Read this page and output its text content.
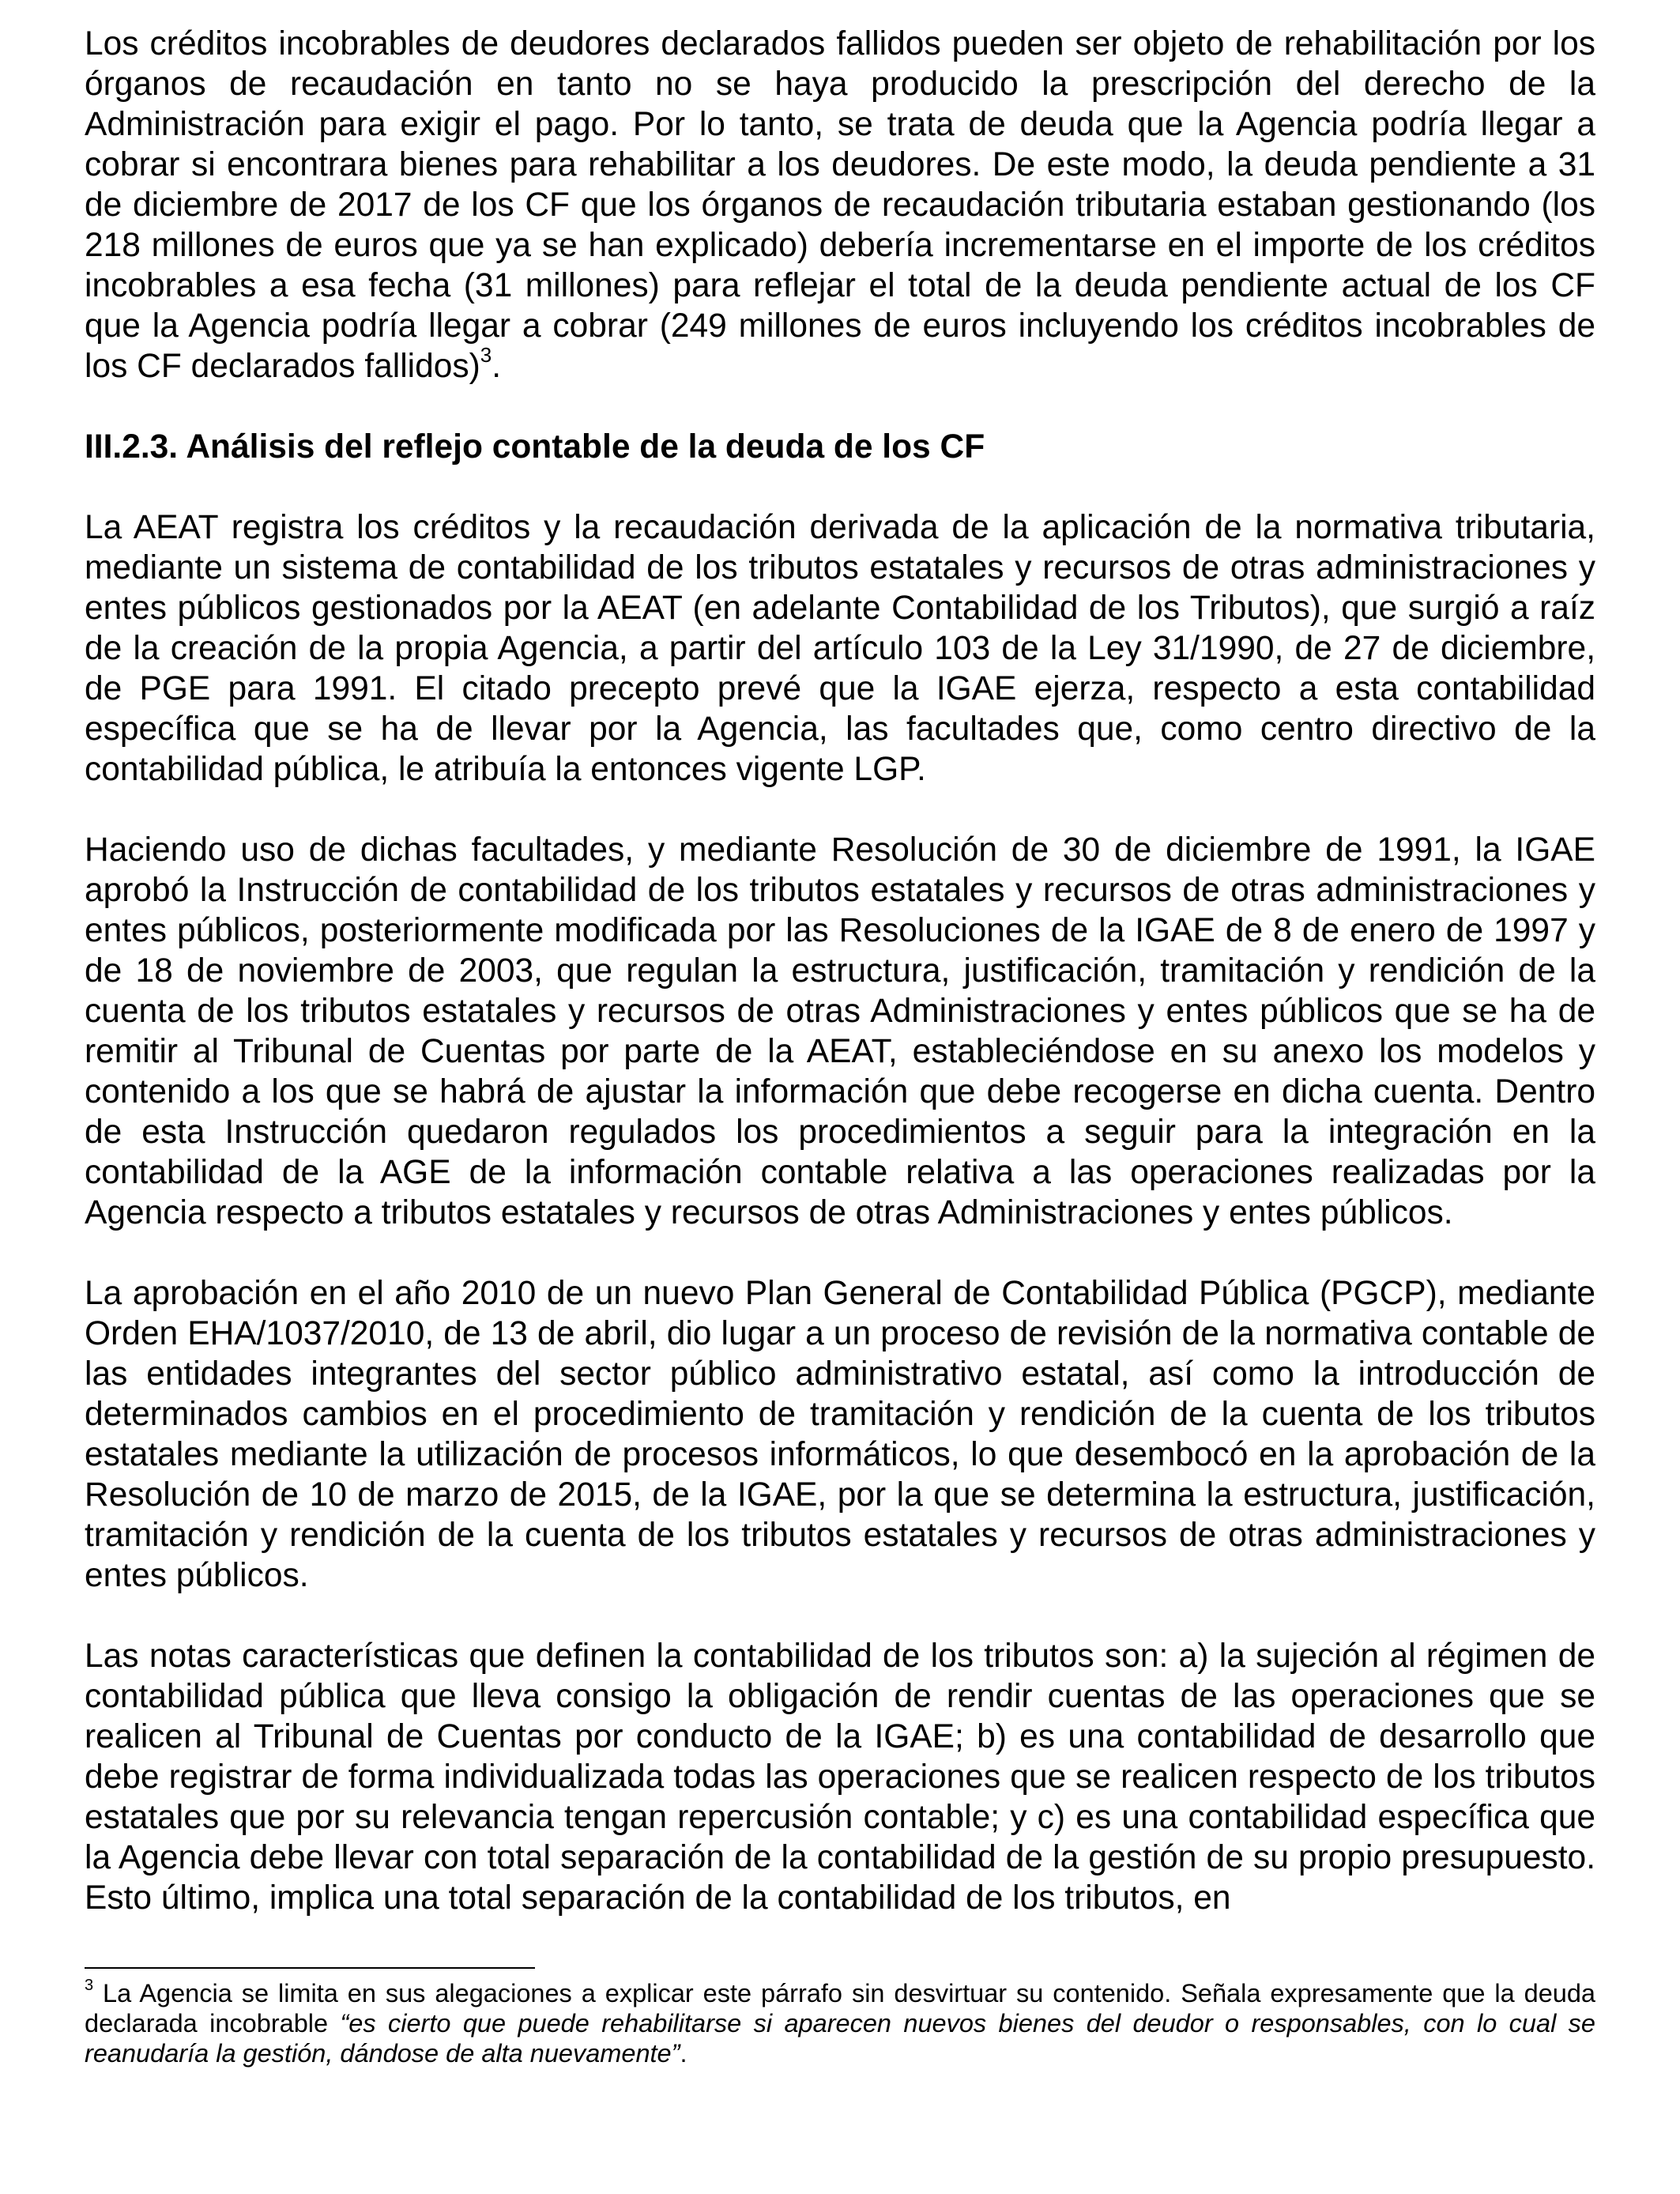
Los créditos incobrables de deudores declarados fallidos pueden ser objeto de rehabilitación por los órganos de recaudación en tanto no se haya producido la prescripción del derecho de la Administración para exigir el pago. Por lo tanto, se trata de deuda que la Agencia podría llegar a cobrar si encontrara bienes para rehabilitar a los deudores. De este modo, la deuda pendiente a 31 de diciembre de 2017 de los CF que los órganos de recaudación tributaria estaban gestionando (los 218 millones de euros que ya se han explicado) debería incrementarse en el importe de los créditos incobrables a esa fecha (31 millones) para reflejar el total de la deuda pendiente actual de los CF que la Agencia podría llegar a cobrar (249 millones de euros incluyendo los créditos incobrables de los CF declarados fallidos)$^3$.

III.2.3. Análisis del reflejo contable de la deuda de los CF

La AEAT registra los créditos y la recaudación derivada de la aplicación de la normativa tributaria, mediante un sistema de contabilidad de los tributos estatales y recursos de otras administraciones y entes públicos gestionados por la AEAT (en adelante Contabilidad de los Tributos), que surgió a raíz de la creación de la propia Agencia, a partir del artículo 103 de la Ley 31/1990, de 27 de diciembre, de PGE para 1991. El citado precepto prevé que la IGAE ejerza, respecto a esta contabilidad específica que se ha de llevar por la Agencia, las facultades que, como centro directivo de la contabilidad pública, le atribuía la entonces vigente LGP.

Haciendo uso de dichas facultades, y mediante Resolución de 30 de diciembre de 1991, la IGAE aprobó la Instrucción de contabilidad de los tributos estatales y recursos de otras administraciones y entes públicos, posteriormente modificada por las Resoluciones de la IGAE de 8 de enero de 1997 y de 18 de noviembre de 2003, que regulan la estructura, justificación, tramitación y rendición de la cuenta de los tributos estatales y recursos de otras Administraciones y entes públicos que se ha de remitir al Tribunal de Cuentas por parte de la AEAT, estableciéndose en su anexo los modelos y contenido a los que se habrá de ajustar la información que debe recogerse en dicha cuenta. Dentro de esta Instrucción quedaron regulados los procedimientos a seguir para la integración en la contabilidad de la AGE de la información contable relativa a las operaciones realizadas por la Agencia respecto a tributos estatales y recursos de otras Administraciones y entes públicos.

La aprobación en el año 2010 de un nuevo Plan General de Contabilidad Pública (PGCP), mediante Orden EHA/1037/2010, de 13 de abril, dio lugar a un proceso de revisión de la normativa contable de las entidades integrantes del sector público administrativo estatal, así como la introducción de determinados cambios en el procedimiento de tramitación y rendición de la cuenta de los tributos estatales mediante la utilización de procesos informáticos, lo que desembocó en la aprobación de la Resolución de 10 de marzo de 2015, de la IGAE, por la que se determina la estructura, justificación, tramitación y rendición de la cuenta de los tributos estatales y recursos de otras administraciones y entes públicos.

Las notas características que definen la contabilidad de los tributos son: a) la sujeción al régimen de contabilidad pública que lleva consigo la obligación de rendir cuentas de las operaciones que se realicen al Tribunal de Cuentas por conducto de la IGAE; b) es una contabilidad de desarrollo que debe registrar de forma individualizada todas las operaciones que se realicen respecto de los tributos estatales que por su relevancia tengan repercusión contable; y c) es una contabilidad específica que la Agencia debe llevar con total separación de la contabilidad de la gestión de su propio presupuesto. Esto último, implica una total separación de la contabilidad de los tributos, en

$^3$ La Agencia se limita en sus alegaciones a explicar este párrafo sin desvirtuar su contenido. Señala expresamente que la deuda declarada incobrable “es cierto que puede rehabilitarse si aparecen nuevos bienes del deudor o responsables, con lo cual se reanudaría la gestión, dándose de alta nuevamente”.
